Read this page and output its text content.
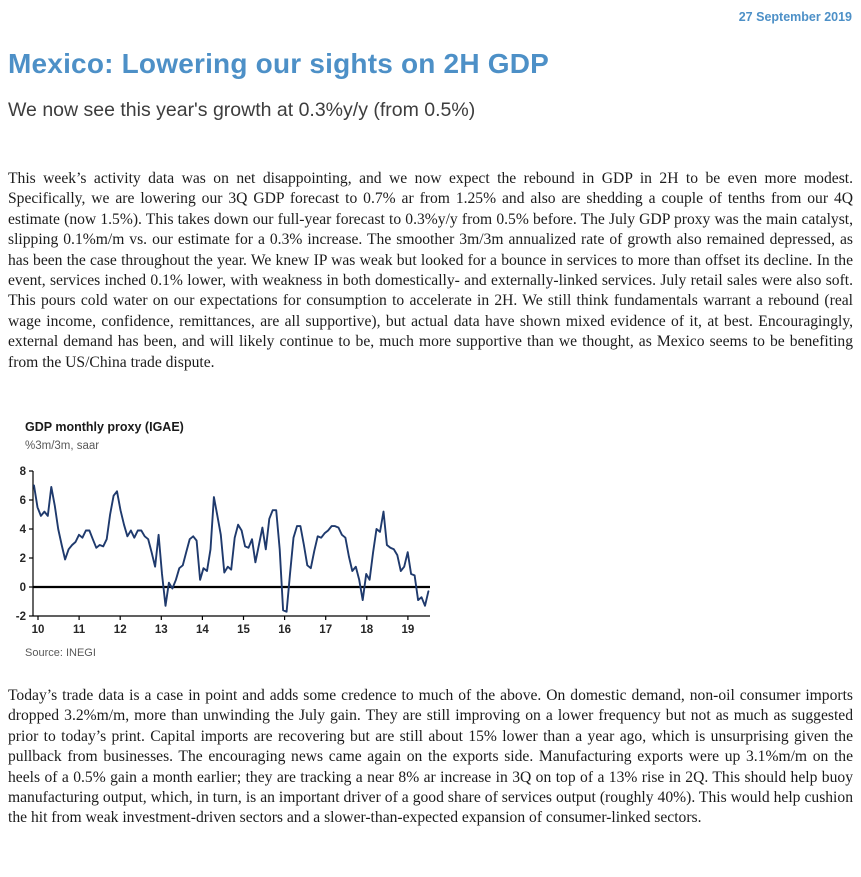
27 September 2019
Mexico: Lowering our sights on 2H GDP
We now see this year's growth at 0.3%y/y (from 0.5%)

This week’s activity data was on net disappointing, and we now expect the rebound in GDP in 2H to be even more modest. Specifically, we are lowering our 3Q GDP forecast to 0.7% ar from 1.25% and also are shedding a couple of tenths from our 4Q estimate (now 1.5%). This takes down our full-year forecast to 0.3%y/y from 0.5% before. The July GDP proxy was the main catalyst, slipping 0.1%m/m vs. our estimate for a 0.3% increase. The smoother 3m/3m annualized rate of growth also remained depressed, as has been the case throughout the year. We knew IP was weak but looked for a bounce in services to more than offset its decline. In the event, services inched 0.1% lower, with weakness in both domestically- and externally-linked services. July retail sales were also soft. This pours cold water on our expectations for consumption to accelerate in 2H. We still think fundamentals warrant a rebound (real wage income, confidence, remittances, are all supportive), but actual data have shown mixed evidence of it, at best. Encouragingly, external demand has been, and will likely continue to be, much more supportive than we thought, as Mexico seems to be benefiting from the US/China trade dispute.

GDP monthly proxy (IGAE)
%3m/3m, saar
-2
0
2
4
6
8
10 11 12 13 14 15 16 17 18 19
Source: INEGI

Today’s trade data is a case in point and adds some credence to much of the above. On domestic demand, non-oil consumer imports dropped 3.2%m/m, more than unwinding the July gain. They are still improving on a lower frequency but not as much as suggested prior to today’s print. Capital imports are recovering but are still about 15% lower than a year ago, which is unsurprising given the pullback from businesses. The encouraging news came again on the exports side. Manufacturing exports were up 3.1%m/m on the heels of a 0.5% gain a month earlier; they are tracking a near 8% ar increase in 3Q on top of a 13% rise in 2Q. This should help buoy manufacturing output, which, in turn, is an important driver of a good share of services output (roughly 40%). This would help cushion the hit from weak investment-driven sectors and a slower-than-expected expansion of consumer-linked sectors.
